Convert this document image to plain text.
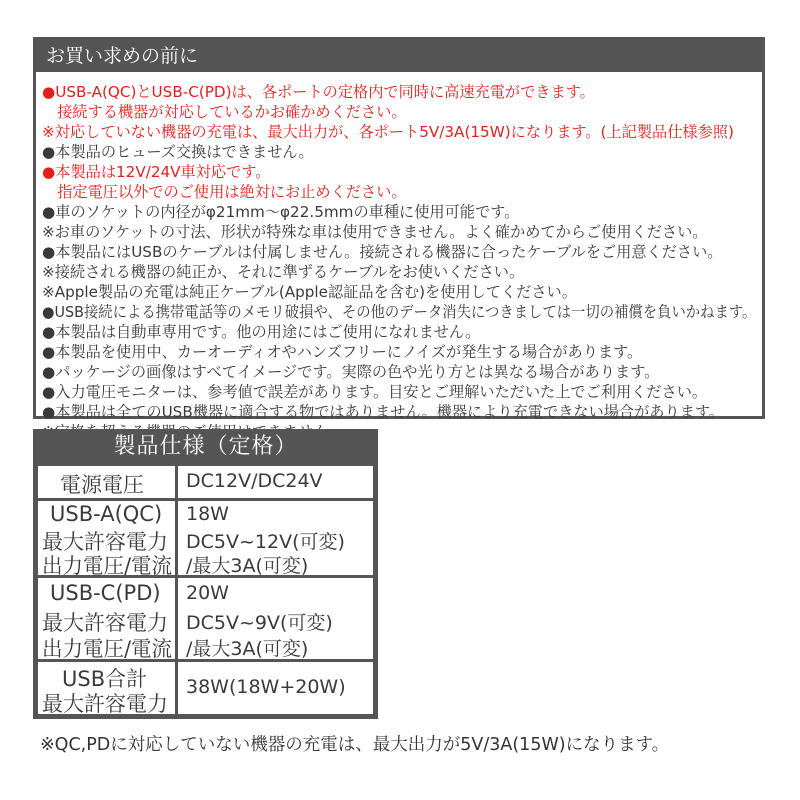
お買い求めの前に
●USB-A(QC)とUSB-C(PD)は、各ポートの定格内で同時に高速充電ができます。
　接続する機器が対応しているかお確かめください。
※対応していない機器の充電は、最大出力が、各ポート5V/3A(15W)になります。(上記製品仕様参照)
●本製品のヒューズ交換はできません。
●本製品は12V/24V車対応です。
　指定電圧以外でのご使用は絶対にお止めください。
●車のソケットの内径がφ21mm〜φ22.5mmの車種に使用可能です。
※お車のソケットの寸法、形状が特殊な車は使用できません。よく確かめてからご使用ください。
●本製品にはUSBのケーブルは付属しません。接続される機器に合ったケーブルをご用意ください。
※接続される機器の純正か、それに準ずるケーブルをお使いください。
※Apple製品の充電は純正ケーブル(Apple認証品を含む)を使用してください。
●USB接続による携帯電話等のメモリ破損や、その他のデータ消失につきましては一切の補償を負いかねます。
●本製品は自動車専用です。他の用途にはご使用になれません。
●本製品を使用中、カーオーディオやハンズフリーにノイズが発生する場合があります。
●パッケージの画像はすべてイメージです。実際の色や光り方とは異なる場合があります。
●入力電圧モニターは、参考値で誤差があります。目安とご理解いただいた上でご利用ください。
●本製品は全てのUSB機器に適合する物ではありません。機器により充電できない場合があります。
製品仕様（定格）
電源電圧 DC12V/DC24V
USB-A(QC)
最大許容電力
出力電圧/電流
18W
DC5V~12V(可変)
/最大3A(可変)
USB-C(PD)
最大許容電力
出力電圧/電流
20W
DC5V~9V(可変)
/最大3A(可変)
USB合計
最大許容電力
38W(18W+20W)
※QC,PDに対応していない機器の充電は、最大出力が5V/3A(15W)になります。
